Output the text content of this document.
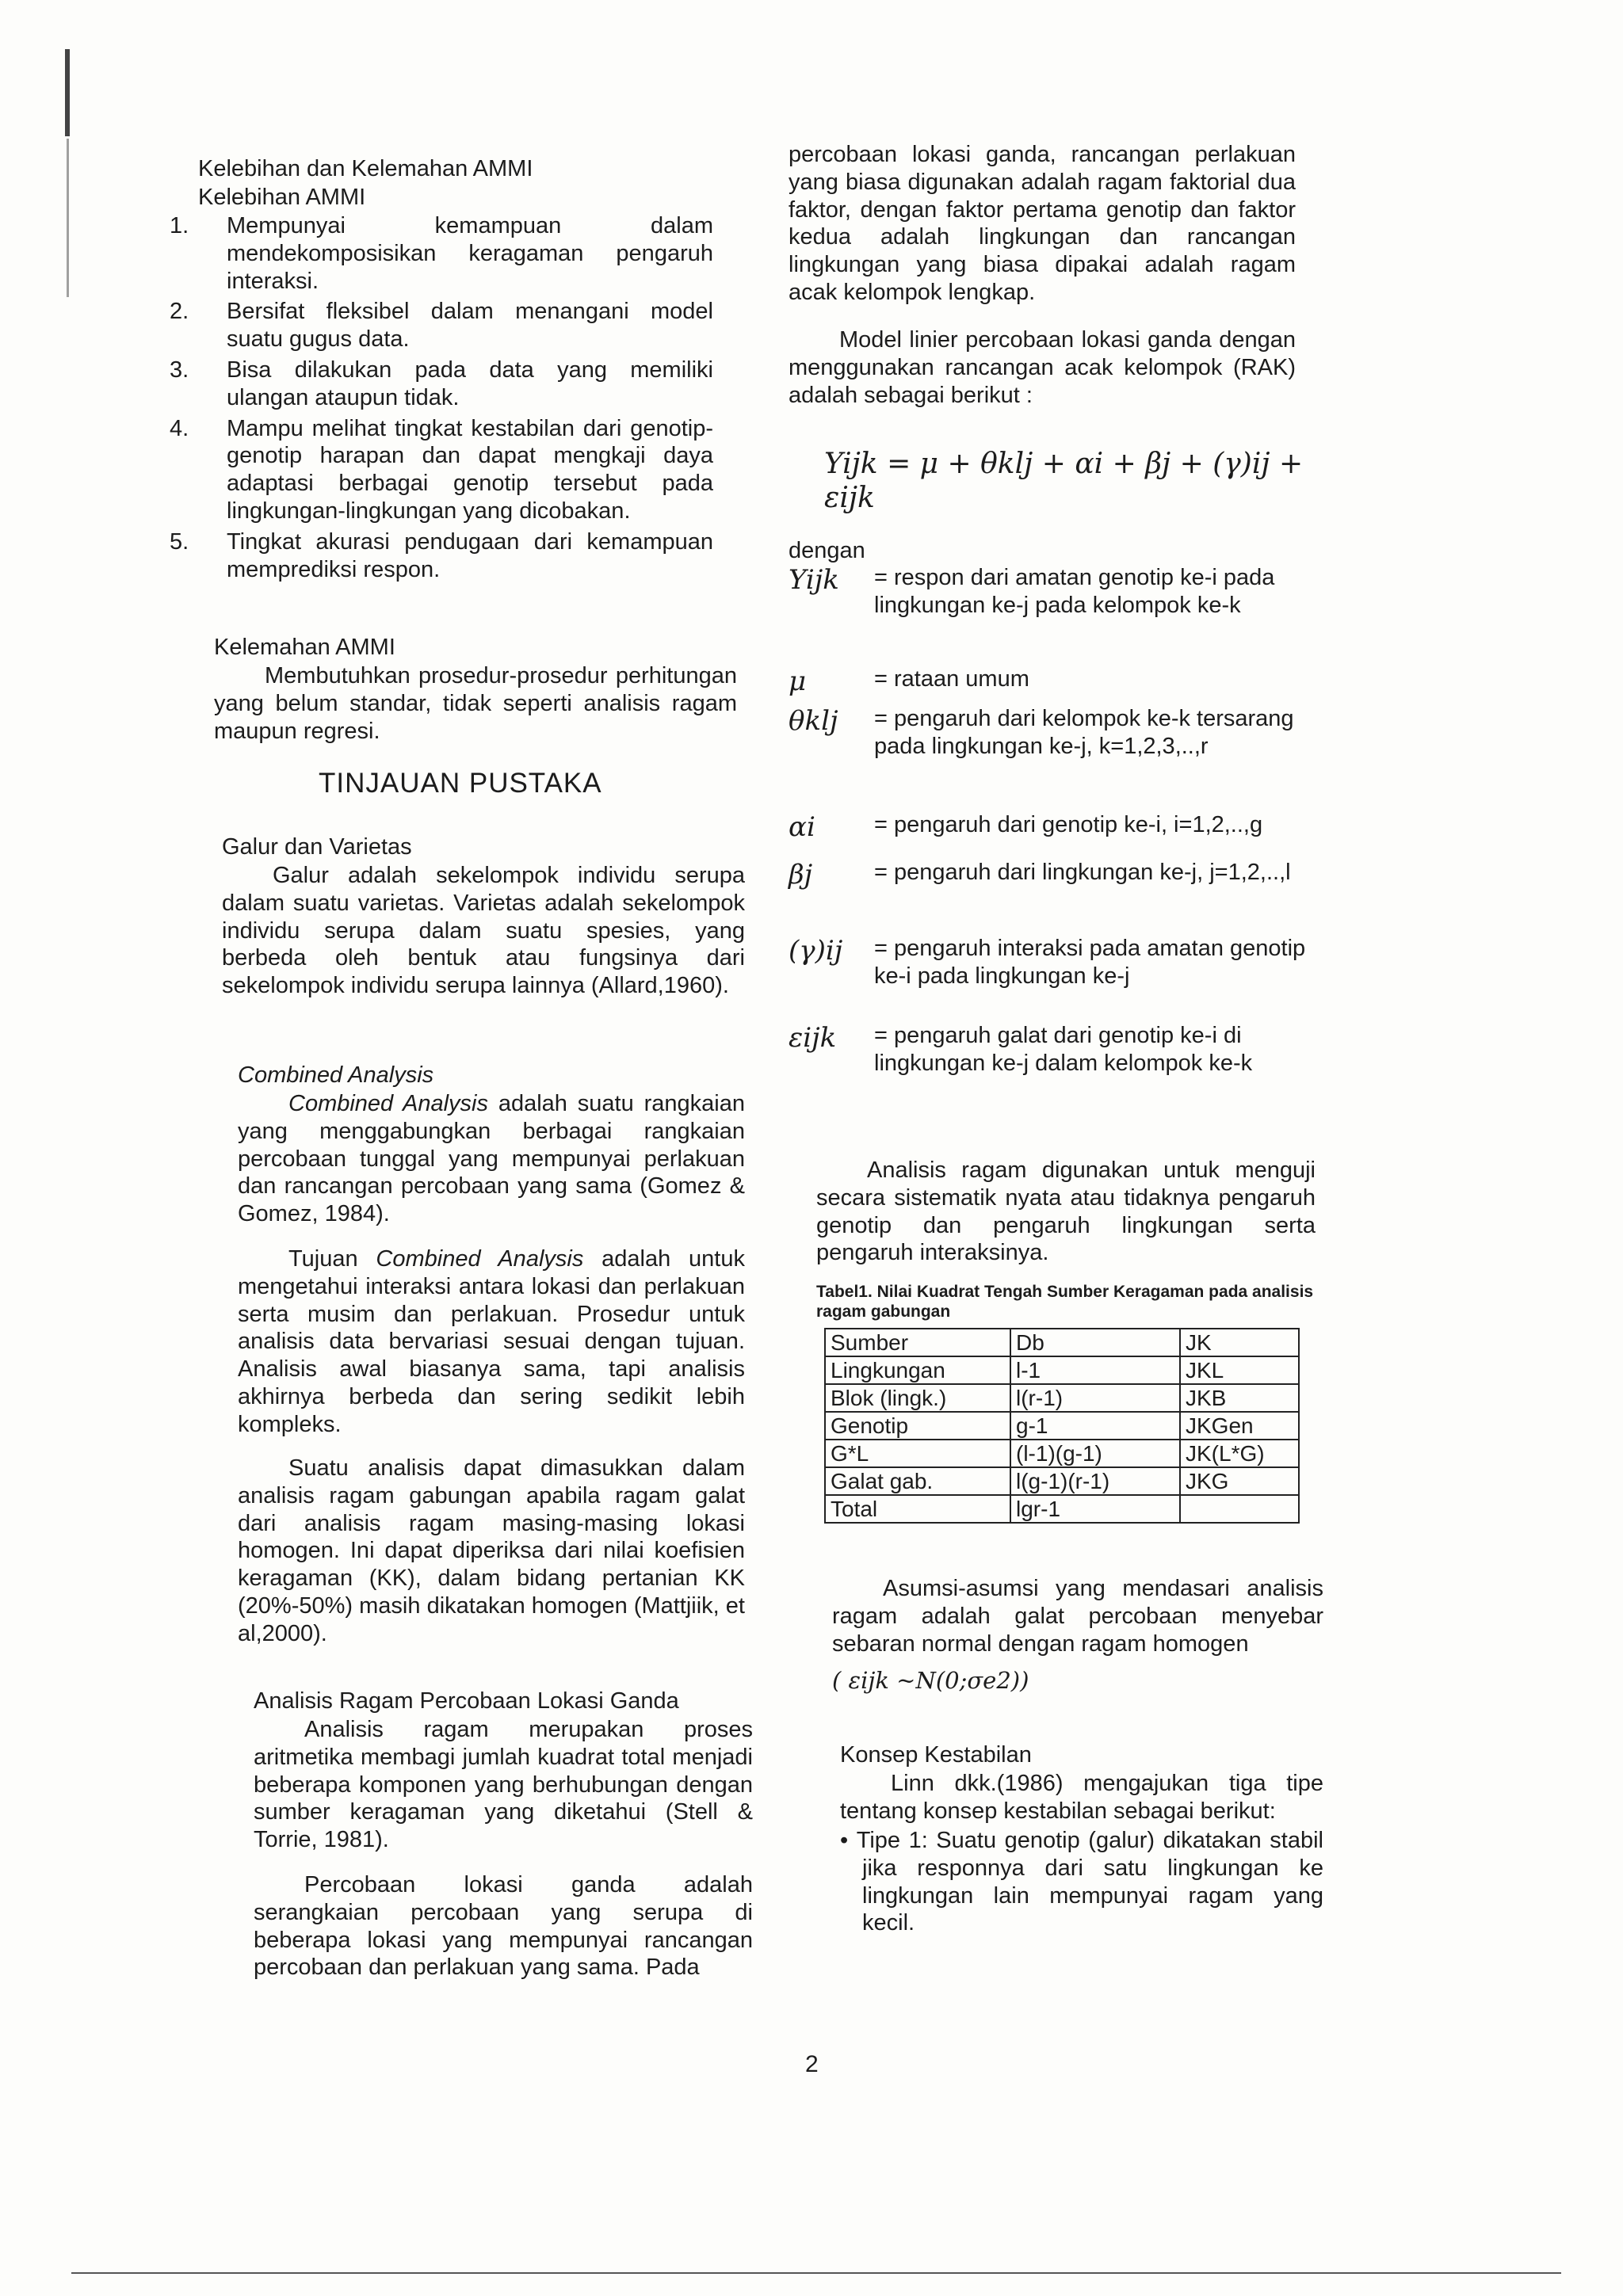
Kelebihan dan Kelemahan AMMI
Kelebihan AMMI
1. Mempunyai kemampuan dalam mendekomposisikan keragaman pengaruh interaksi.
2. Bersifat fleksibel dalam menangani model suatu gugus data.
3. Bisa dilakukan pada data yang memiliki ulangan ataupun tidak.
4. Mampu melihat tingkat kestabilan dari genotip-genotip harapan dan dapat mengkaji daya adaptasi berbagai genotip tersebut pada lingkungan-lingkungan yang dicobakan.
5. Tingkat akurasi pendugaan dari kemampuan memprediksi respon.
Kelemahan AMMI
Membutuhkan prosedur-prosedur perhitungan yang belum standar, tidak seperti analisis ragam maupun regresi.
TINJAUAN PUSTAKA
Galur dan Varietas
Galur adalah sekelompok individu serupa dalam suatu varietas. Varietas adalah sekelompok individu serupa dalam suatu spesies, yang berbeda oleh bentuk atau fungsinya dari sekelompok individu serupa lainnya (Allard,1960).
Combined Analysis
Combined Analysis adalah suatu rangkaian yang menggabungkan berbagai rangkaian percobaan tunggal yang mempunyai perlakuan dan rancangan percobaan yang sama (Gomez & Gomez, 1984).
Tujuan Combined Analysis adalah untuk mengetahui interaksi antara lokasi dan perlakuan serta musim dan perlakuan. Prosedur untuk analisis data bervariasi sesuai dengan tujuan. Analisis awal biasanya sama, tapi analisis akhirnya berbeda dan sering sedikit lebih kompleks.
Suatu analisis dapat dimasukkan dalam analisis ragam gabungan apabila ragam galat dari analisis ragam masing-masing lokasi homogen. Ini dapat diperiksa dari nilai koefisien keragaman (KK), dalam bidang pertanian KK (20%-50%) masih dikatakan homogen (Mattjiik, et al,2000).
Analisis Ragam Percobaan Lokasi Ganda
Analisis ragam merupakan proses aritmetika membagi jumlah kuadrat total menjadi beberapa komponen yang berhubungan dengan sumber keragaman yang diketahui (Stell & Torrie, 1981).
Percobaan lokasi ganda adalah serangkaian percobaan yang serupa di beberapa lokasi yang mempunyai rancangan percobaan dan perlakuan yang sama. Pada
percobaan lokasi ganda, rancangan perlakuan yang biasa digunakan adalah ragam faktorial dua faktor, dengan faktor pertama genotip dan faktor kedua adalah lingkungan dan rancangan lingkungan yang biasa dipakai adalah ragam acak kelompok lengkap.
Model linier percobaan lokasi ganda dengan menggunakan rancangan acak kelompok (RAK) adalah sebagai berikut :
Yijk = μ + θklj + αi + βj + (γ)ij + εijk
dengan
Yijk = respon dari amatan genotip ke-i pada lingkungan ke-j pada kelompok ke-k
μ	= rataan umum
θklj = pengaruh dari kelompok ke-k tersarang pada lingkungan ke-j, k=1,2,3,..,r
αi	= pengaruh dari genotip ke-i, i=1,2,..,g
βj	= pengaruh dari lingkungan ke-j, j=1,2,..,l
(γ)ij = pengaruh interaksi pada amatan genotip ke-i pada lingkungan ke-j
εijk = pengaruh galat dari genotip ke-i di lingkungan ke-j dalam kelompok ke-k
Analisis ragam digunakan untuk menguji secara sistematik nyata atau tidaknya pengaruh genotip dan pengaruh lingkungan serta pengaruh interaksinya.
Tabel1. Nilai Kuadrat Tengah Sumber Keragaman pada analisis ragam gabungan
Sumber	Db	JK
Lingkungan	l-1	JKL
Blok (lingk.)	l(r-1)	JKB
Genotip	g-1	JKGen
G*L	(l-1)(g-1)	JK(L*G)
Galat gab.	l(g-1)(r-1)	JKG
Total	lgr-1	
Asumsi-asumsi yang mendasari analisis ragam adalah galat percobaan menyebar sebaran normal dengan ragam homogen
( εijk ~N(0;σe2))
Konsep Kestabilan
Linn dkk.(1986) mengajukan tiga tipe tentang konsep kestabilan sebagai berikut:
• Tipe 1: Suatu genotip (galur) dikatakan stabil jika responnya dari satu lingkungan ke lingkungan lain mempunyai ragam yang kecil.
2
